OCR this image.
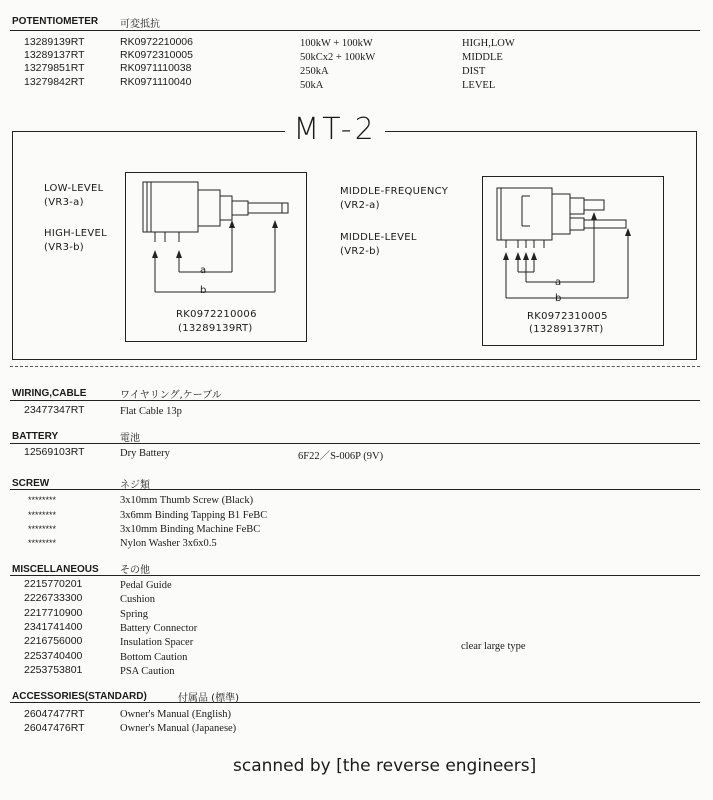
POTENTIOMETER 可変抵抗
13289139RT	RK0972210006	100kW + 100kW	HIGH,LOW
13289137RT	RK0972310005	50kCx2 + 100kW	MIDDLE
13279851RT	RK0971110038	250kA	DIST
13279842RT	RK0971110040	50kA	LEVEL
MT-2
LOW-LEVEL
(VR3-a)
HIGH-LEVEL
(VR3-b)
a
b
RK0972210006
(13289139RT)
MIDDLE-FREQUENCY
(VR2-a)
MIDDLE-LEVEL
(VR2-b)
a
b
RK0972310005
(13289137RT)
WIRING,CABLE	ワイヤリング,ケーブル
23477347RT	Flat Cable 13p
BATTERY	電池
12569103RT	Dry Battery	6F22／S-006P (9V)
SCREW	ネジ類
********	3x10mm Thumb Screw (Black)
********	3x6mm Binding Tapping B1 FeBC
********	3x10mm Binding Machine FeBC
********	Nylon Washer 3x6x0.5
MISCELLANEOUS その他
2215770201	Pedal Guide
2226733300	Cushion
2217710900	Spring
2341741400	Battery Connector
2216756000	Insulation Spacer
2253740400	Bottom Caution
2253753801	PSA Caution
clear large type
ACCESSORIES(STANDARD)	付属品 (標準)
26047477RT	Owner's Manual (English)
26047476RT	Owner's Manual (Japanese)
scanned by [the reverse engineers]
